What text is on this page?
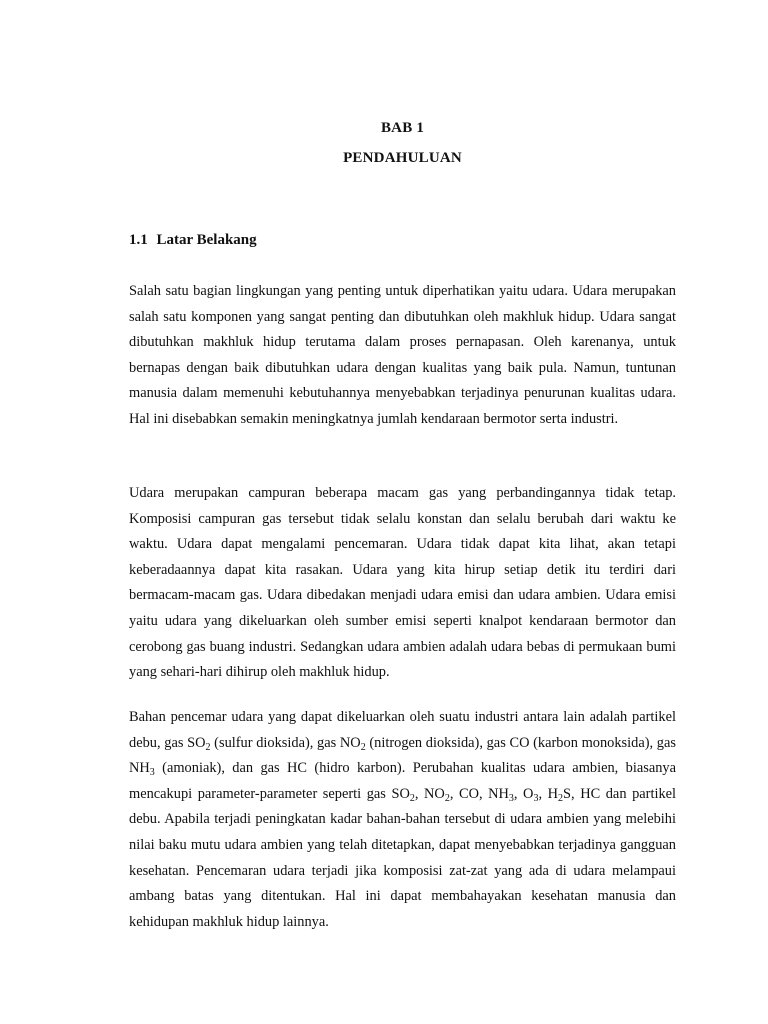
BAB 1
PENDAHULUAN
1.1 Latar Belakang

Salah satu bagian lingkungan yang penting untuk diperhatikan yaitu udara. Udara merupakan salah satu komponen yang sangat penting dan dibutuhkan oleh makhluk hidup. Udara sangat dibutuhkan makhluk hidup terutama dalam proses pernapasan. Oleh karenanya, untuk bernapas dengan baik dibutuhkan udara dengan kualitas yang baik pula. Namun, tuntunan manusia dalam memenuhi kebutuhannya menyebabkan terjadinya penurunan kualitas udara. Hal ini disebabkan semakin meningkatnya jumlah kendaraan bermotor serta industri.

Udara merupakan campuran beberapa macam gas yang perbandingannya tidak tetap. Komposisi campuran gas tersebut tidak selalu konstan dan selalu berubah dari waktu ke waktu. Udara dapat mengalami pencemaran. Udara tidak dapat kita lihat, akan tetapi keberadaannya dapat kita rasakan. Udara yang kita hirup setiap detik itu terdiri dari bermacam-macam gas. Udara dibedakan menjadi udara emisi dan udara ambien. Udara emisi yaitu udara yang dikeluarkan oleh sumber emisi seperti knalpot kendaraan bermotor dan cerobong gas buang industri. Sedangkan udara ambien adalah udara bebas di permukaan bumi yang sehari-hari dihirup oleh makhluk hidup.

Bahan pencemar udara yang dapat dikeluarkan oleh suatu industri antara lain adalah partikel debu, gas $SO_2$ (sulfur dioksida), gas $NO_2$ (nitrogen dioksida), gas CO (karbon monoksida), gas $NH_3$ (amoniak), dan gas HC (hidro karbon). Perubahan kualitas udara ambien, biasanya mencakupi parameter-parameter seperti gas $SO_2$, $NO_2$, CO, $NH_3$, $O_3$, $H_2S$, HC dan partikel debu. Apabila terjadi peningkatan kadar bahan-bahan tersebut di udara ambien yang melebihi nilai baku mutu udara ambien yang telah ditetapkan, dapat menyebabkan terjadinya gangguan kesehatan. Pencemaran udara terjadi jika komposisi zat-zat yang ada di udara melampaui ambang batas yang ditentukan. Hal ini dapat membahayakan kesehatan manusia dan kehidupan makhluk hidup lainnya.
